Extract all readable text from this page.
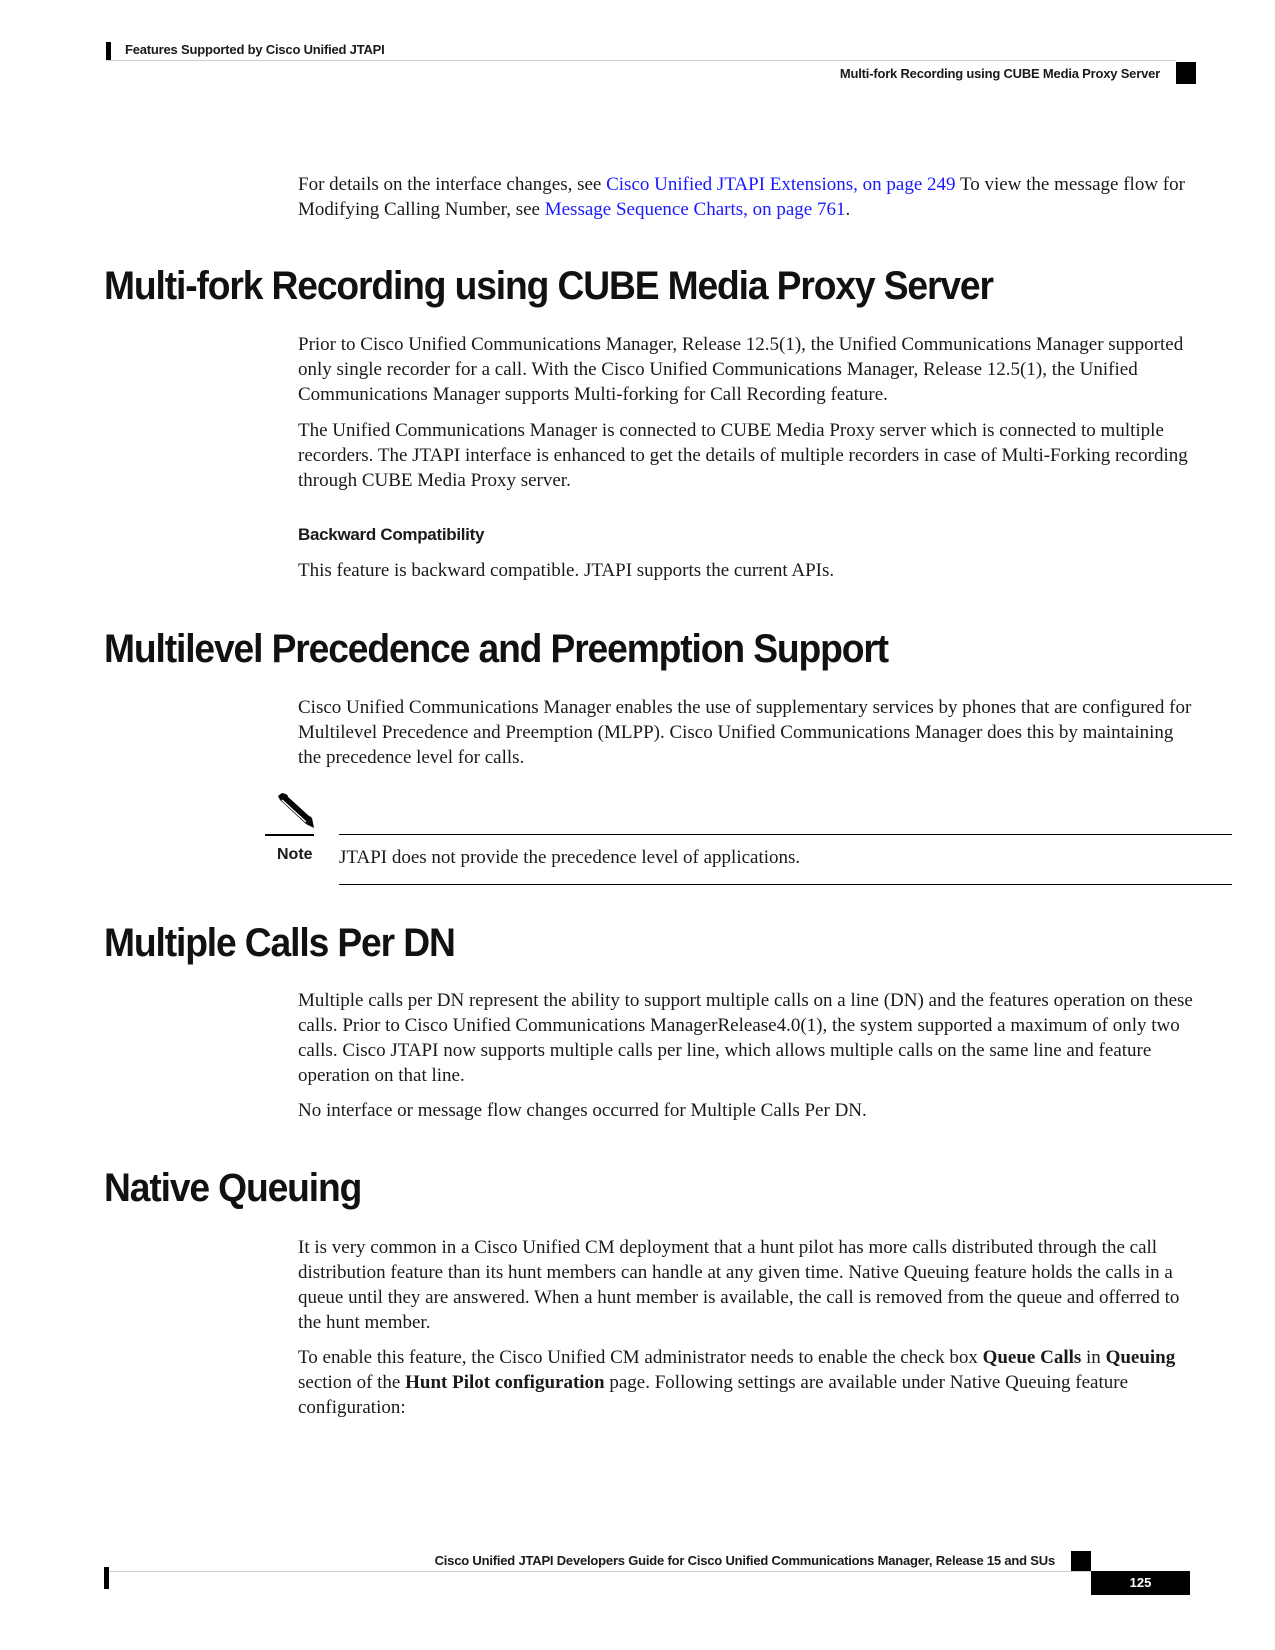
Features Supported by Cisco Unified JTAPI
Multi-fork Recording using CUBE Media Proxy Server

For details on the interface changes, see Cisco Unified JTAPI Extensions, on page 249 To view the message flow for Modifying Calling Number, see Message Sequence Charts, on page 761.

Multi-fork Recording using CUBE Media Proxy Server

Prior to Cisco Unified Communications Manager, Release 12.5(1), the Unified Communications Manager supported only single recorder for a call. With the Cisco Unified Communications Manager, Release 12.5(1), the Unified Communications Manager supports Multi-forking for Call Recording feature.

The Unified Communications Manager is connected to CUBE Media Proxy server which is connected to multiple recorders. The JTAPI interface is enhanced to get the details of multiple recorders in case of Multi-Forking recording through CUBE Media Proxy server.

Backward Compatibility

This feature is backward compatible. JTAPI supports the current APIs.

Multilevel Precedence and Preemption Support

Cisco Unified Communications Manager enables the use of supplementary services by phones that are configured for Multilevel Precedence and Preemption (MLPP). Cisco Unified Communications Manager does this by maintaining the precedence level for calls.

Note JTAPI does not provide the precedence level of applications.
Multiple Calls Per DN

Multiple calls per DN represent the ability to support multiple calls on a line (DN) and the features operation on these calls. Prior to Cisco Unified Communications ManagerRelease4.0(1), the system supported a maximum of only two calls. Cisco JTAPI now supports multiple calls per line, which allows multiple calls on the same line and feature operation on that line.

No interface or message flow changes occurred for Multiple Calls Per DN.

Native Queuing

It is very common in a Cisco Unified CM deployment that a hunt pilot has more calls distributed through the call distribution feature than its hunt members can handle at any given time. Native Queuing feature holds the calls in a queue until they are answered. When a hunt member is available, the call is removed from the queue and offerred to the hunt member.

To enable this feature, the Cisco Unified CM administrator needs to enable the check box Queue Calls in Queuing section of the Hunt Pilot configuration page. Following settings are available under Native Queuing feature configuration:

Cisco Unified JTAPI Developers Guide for Cisco Unified Communications Manager, Release 15 and SUs
125
